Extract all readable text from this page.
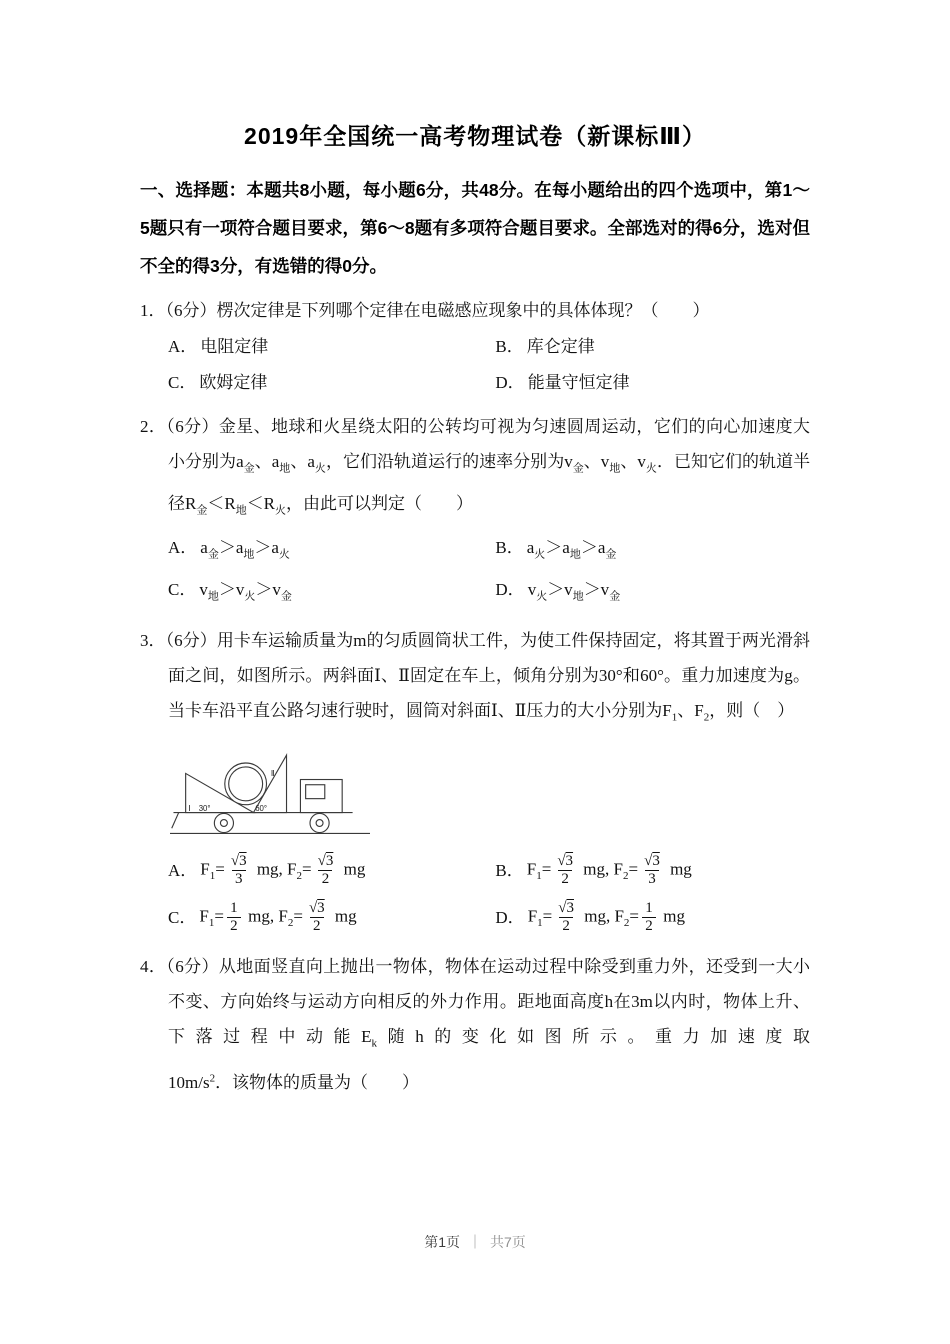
2019年全国统一高考物理试卷（新课标Ⅲ）

一、选择题：本题共8小题，每小题6分，共48分。在每小题给出的四个选项中，第1～5题只有一项符合题目要求，第6～8题有多项符合题目要求。全部选对的得6分，选对但不全的得3分，有选错的得0分。

1．（6分）楞次定律是下列哪个定律在电磁感应现象中的具体体现？（　　）

A． 电阻定律	B． 库仑定律
C． 欧姆定律	D． 能量守恒定律

2．（6分）金星、地球和火星绕太阳的公转均可视为匀速圆周运动，它们的向心加速度大小分别为$a_金$、$a_地$、$a_火$，它们沿轨道运行的速率分别为$v_金$、$v_地$、$v_火$．已知它们的轨道半径$R_金<R_地<R_火$，由此可以判定（　　）

A． $a_金>a_地>a_火$	B． $a_火>a_地>a_金$
C． $v_地>v_火>v_金$	D． $v_火>v_地>v_金$

3．（6分）用卡车运输质量为m的匀质圆筒状工件，为使工件保持固定，将其置于两光滑斜面之间，如图所示。两斜面Ⅰ、Ⅱ固定在车上，倾角分别为30°和60°。重力加速度为g。当卡车沿平直公路匀速行驶时，圆筒对斜面Ⅰ、Ⅱ压力的大小分别为$F_1$、$F_2$，则（　）

Ⅰ 30°	60°
Ⅱ
A． $F_1= \frac{√3}{3}$ mg, $F_2= \frac{√3}{2}$ mg	B． $F_1= \frac{√3}{2}$ mg, $F_2= \frac{√3}{3}$ mg
C． $F_1= \frac{1}{2}$ mg, $F_2= \frac{√3}{2}$ mg	D． $F_1= \frac{√3}{2}$ mg, $F_2= \frac{1}{2}$ mg

4．（6分）从地面竖直向上抛出一物体，物体在运动过程中除受到重力外，还受到一大小不变、方向始终与运动方向相反的外力作用。距地面高度h在3m以内时，物体上升、下落过程中动能$E_k$随h的变化如图所示。重力加速度取$10m/s^2$．该物体的质量为（　　）

第1页 ｜ 共7页
